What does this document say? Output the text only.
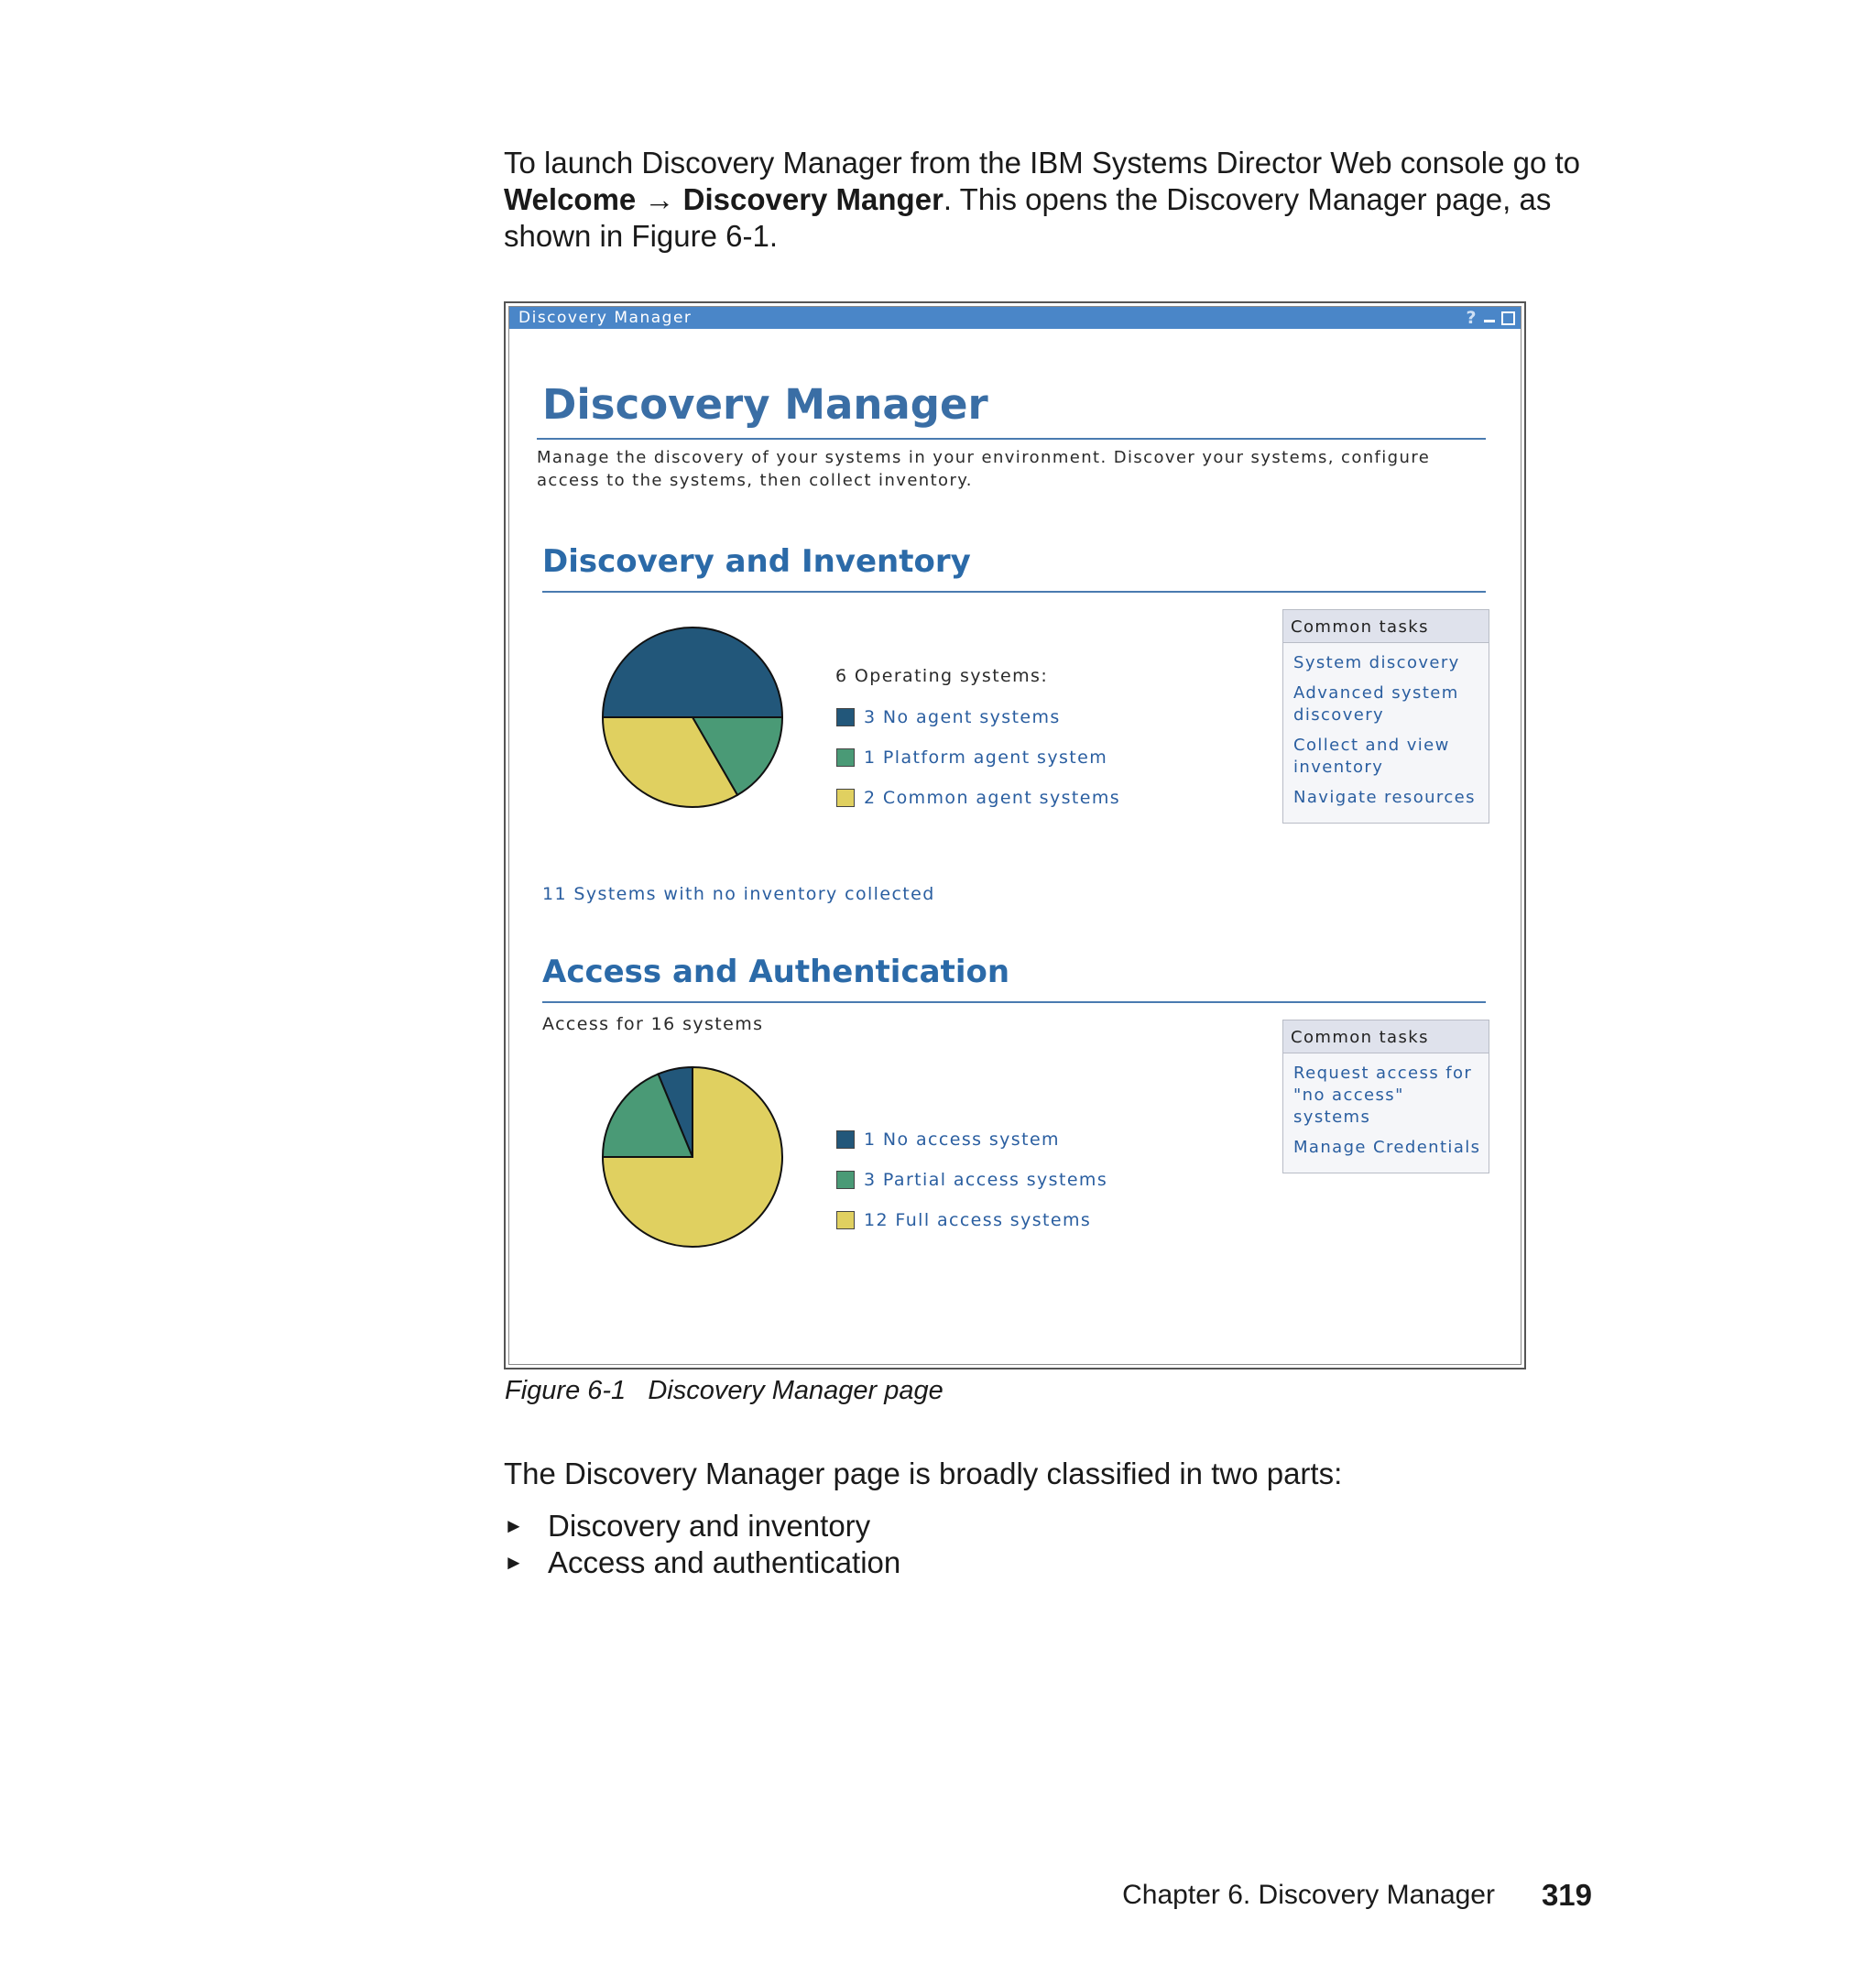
To launch Discovery Manager from the IBM Systems Director Web console go to Welcome → Discovery Manger. This opens the Discovery Manager page, as shown in Figure 6-1.

Discovery Manager	?
Discovery Manager

Manage the discovery of your systems in your environment. Discover your systems, configure access to the systems, then collect inventory.

Discovery and Inventory
6 Operating systems:
3 No agent systems
1 Platform agent system
2 Common agent systems
Common tasks
System discovery
Advanced system discovery
Collect and view inventory
Navigate resources
11 Systems with no inventory collected
Access and Authentication
Access for 16 systems
1 No access system
3 Partial access systems
12 Full access systems
Common tasks
Request access for "no access" systems
Manage Credentials

Figure 6-1   Discovery Manager page

The Discovery Manager page is broadly classified in two parts:

► Discovery and inventory
► Access and authentication
Chapter 6. Discovery Manager 319
